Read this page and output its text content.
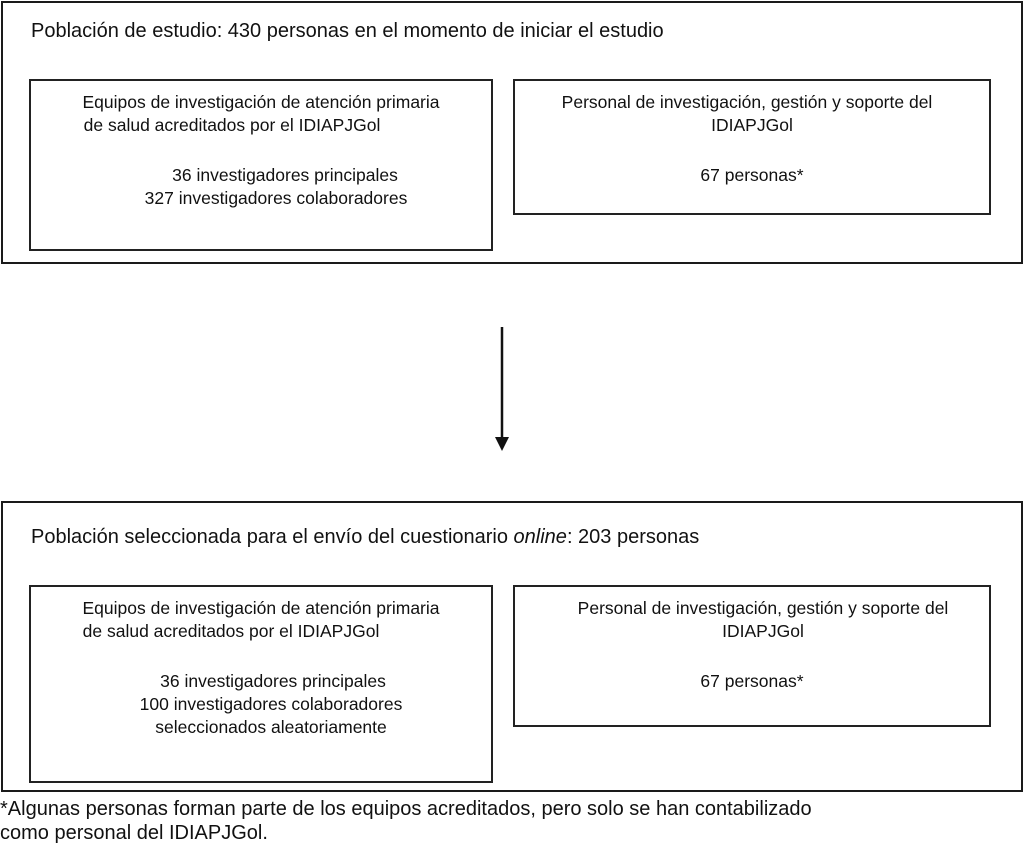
Población de estudio: 430 personas en el momento de iniciar el estudio
Equipos de investigación de atención primaria
de salud acreditados por el IDIAPJGol
36 investigadores principales
327 investigadores colaboradores
Personal de investigación, gestión y soporte del
IDIAPJGol
67 personas*
Población seleccionada para el envío del cuestionario online: 203 personas
Equipos de investigación de atención primaria
de salud acreditados por el IDIAPJGol
36 investigadores principales
100 investigadores colaboradores
seleccionados aleatoriamente
Personal de investigación, gestión y soporte del
IDIAPJGol
67 personas*
*Algunas personas forman parte de los equipos acreditados, pero solo se han contabilizado
como personal del IDIAPJGol.
